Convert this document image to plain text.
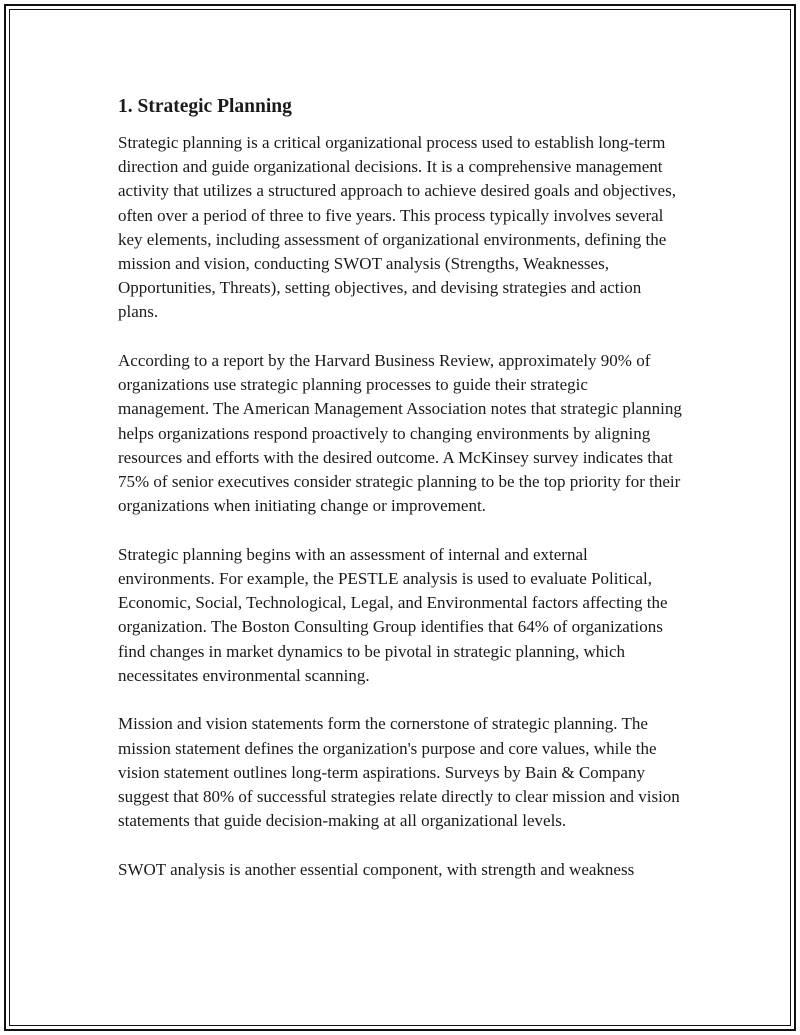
1. Strategic Planning

Strategic planning is a critical organizational process used to establish long-term direction and guide organizational decisions. It is a comprehensive management activity that utilizes a structured approach to achieve desired goals and objectives, often over a period of three to five years. This process typically involves several key elements, including assessment of organizational environments, defining the mission and vision, conducting SWOT analysis (Strengths, Weaknesses, Opportunities, Threats), setting objectives, and devising strategies and action plans.

According to a report by the Harvard Business Review, approximately 90% of organizations use strategic planning processes to guide their strategic management. The American Management Association notes that strategic planning helps organizations respond proactively to changing environments by aligning resources and efforts with the desired outcome. A McKinsey survey indicates that 75% of senior executives consider strategic planning to be the top priority for their organizations when initiating change or improvement.

Strategic planning begins with an assessment of internal and external environments. For example, the PESTLE analysis is used to evaluate Political, Economic, Social, Technological, Legal, and Environmental factors affecting the organization. The Boston Consulting Group identifies that 64% of organizations find changes in market dynamics to be pivotal in strategic planning, which necessitates environmental scanning.

Mission and vision statements form the cornerstone of strategic planning. The mission statement defines the organization's purpose and core values, while the vision statement outlines long-term aspirations. Surveys by Bain & Company suggest that 80% of successful strategies relate directly to clear mission and vision statements that guide decision-making at all organizational levels.

SWOT analysis is another essential component, with strength and weakness
